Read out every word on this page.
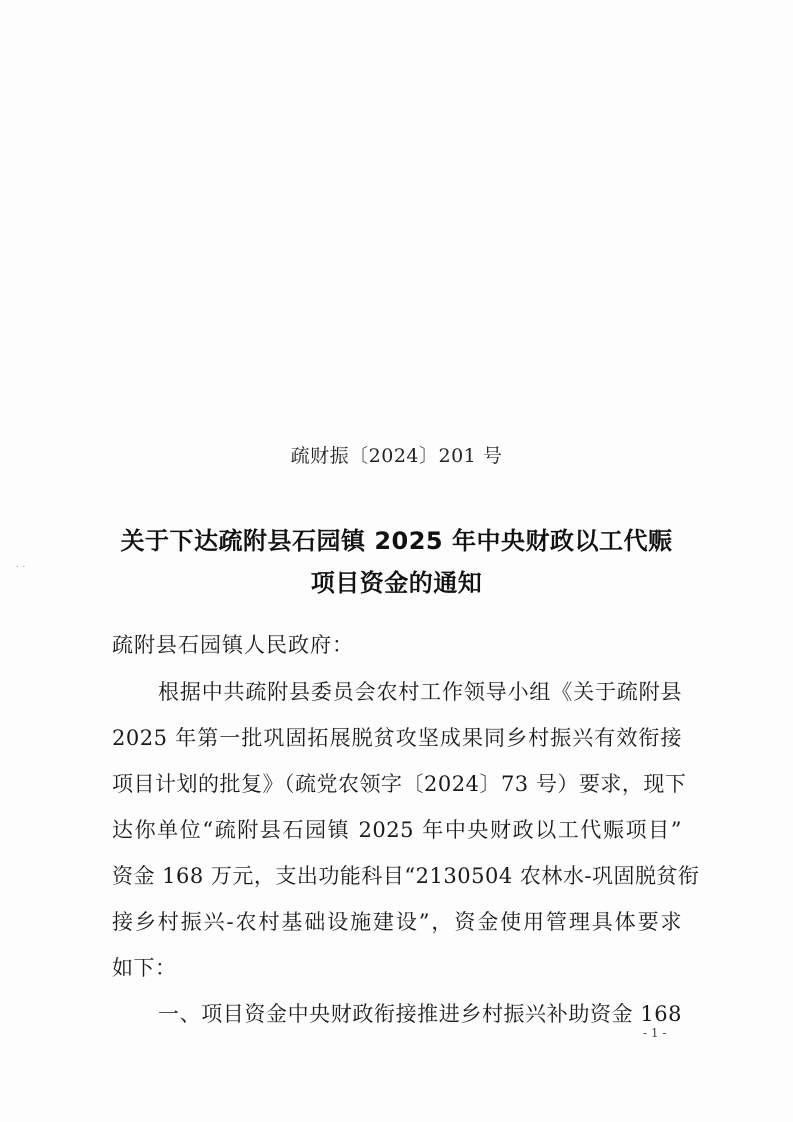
· ·
疏财振〔2024〕201 号
关于下达疏附县石园镇 2025 年中央财政以工代赈
项目资金的通知
疏附县石园镇人民政府：
根据中共疏附县委员会农村工作领导小组《关于疏附县
2025 年第一批巩固拓展脱贫攻坚成果同乡村振兴有效衔接
项目计划的批复》（疏党农领字〔2024〕73 号）要求，现下
达你单位“疏附县石园镇 2025 年中央财政以工代赈项目”
资金 168 万元，支出功能科目“2130504 农林水-巩固脱贫衔
接乡村振兴-农村基础设施建设”，资金使用管理具体要求
如下：
一、项目资金中央财政衔接推进乡村振兴补助资金 168
- 1 -
